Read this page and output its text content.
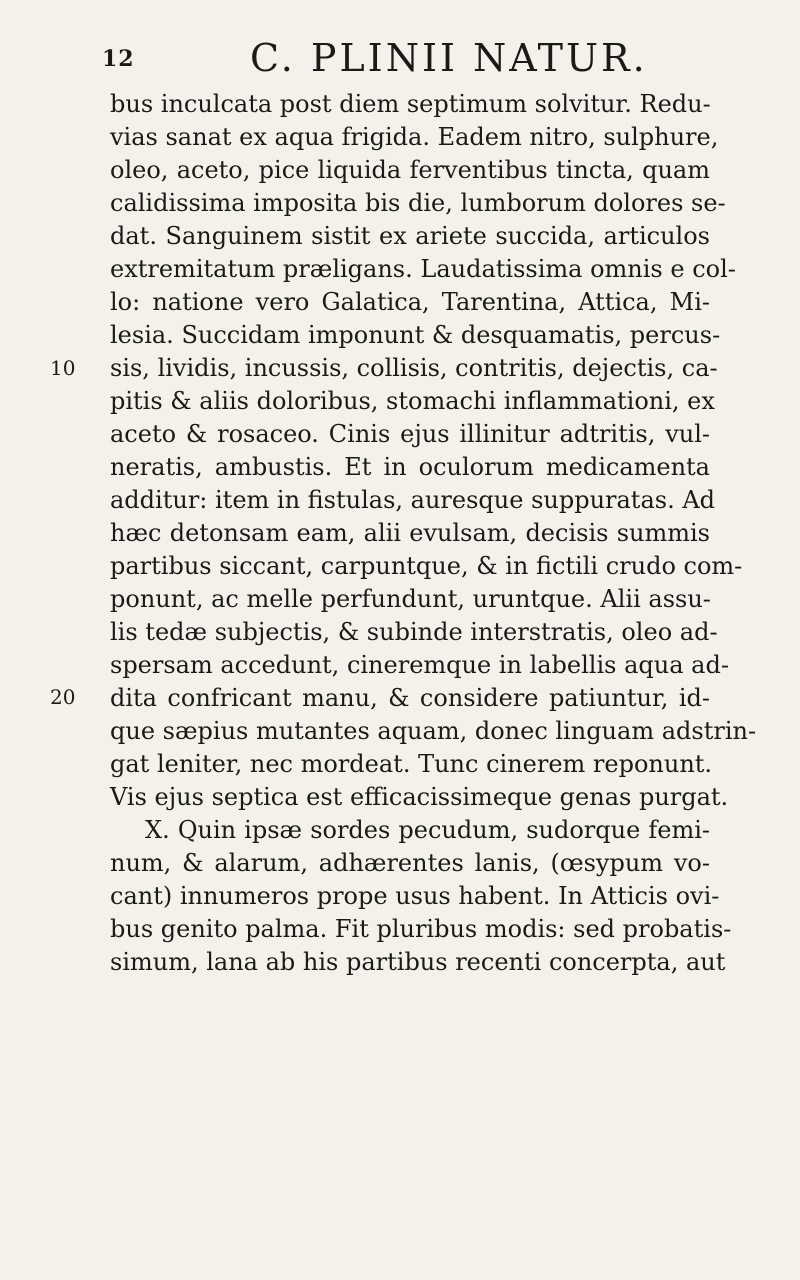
12	C. PLINII NATUR.
10
20
bus inculcata post diem septimum solvitur. Redu-
vias sanat ex aqua frigida. Eadem nitro, sulphure,
oleo, aceto, pice liquida ferventibus tincta, quam
calidissima imposita bis die, lumborum dolores se-
dat. Sanguinem sistit ex ariete succida, articulos
extremitatum præligans. Laudatissima omnis e col-
lo: natione vero Galatica, Tarentina, Attica, Mi-
lesia. Succidam imponunt & desquamatis, percus-
sis, lividis, incussis, collisis, contritis, dejectis, ca-
pitis & aliis doloribus, stomachi inflammationi, ex
aceto & rosaceo. Cinis ejus illinitur adtritis, vul-
neratis, ambustis. Et in oculorum medicamenta
additur: item in fistulas, auresque suppuratas. Ad
hæc detonsam eam, alii evulsam, decisis summis
partibus siccant, carpuntque, & in fictili crudo com-
ponunt, ac melle perfundunt, uruntque. Alii assu-
lis tedæ subjectis, & subinde interstratis, oleo ad-
spersam accedunt, cineremque in labellis aqua ad-
dita confricant manu, & considere patiuntur, id-
que sæpius mutantes aquam, donec linguam adstrin-
gat leniter, nec mordeat. Tunc cinerem reponunt.
Vis ejus septica est efficacissimeque genas purgat.
X. Quin ipsæ sordes pecudum, sudorque femi-
num, & alarum, adhærentes lanis, (œsypum vo-
cant) innumeros prope usus habent. In Atticis ovi-
bus genito palma. Fit pluribus modis: sed probatis-
simum, lana ab his partibus recenti concerpta, aut
